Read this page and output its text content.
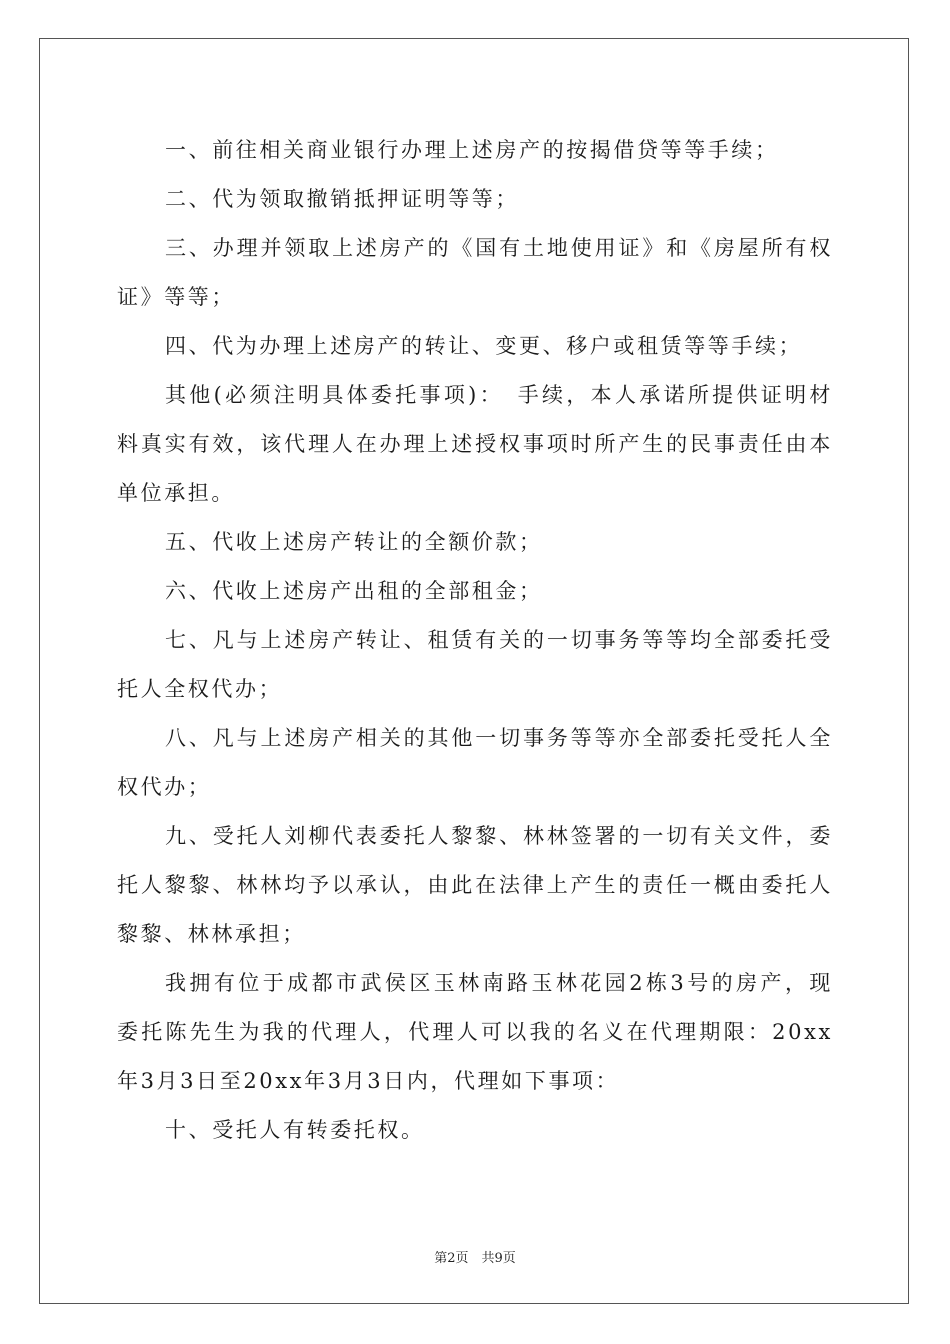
一、前往相关商业银行办理上述房产的按揭借贷等等手续；

二、代为领取撤销抵押证明等等；

三、办理并领取上述房产的《国有土地使用证》和《房屋所有权证》等等；

四、代为办理上述房产的转让、变更、移户或租赁等等手续；

其他(必须注明具体委托事项)：　手续，本人承诺所提供证明材料真实有效，该代理人在办理上述授权事项时所产生的民事责任由本单位承担。

五、代收上述房产转让的全额价款；

六、代收上述房产出租的全部租金；

七、凡与上述房产转让、租赁有关的一切事务等等均全部委托受托人全权代办；

八、凡与上述房产相关的其他一切事务等等亦全部委托受托人全权代办；

九、受托人刘柳代表委托人黎黎、林林签署的一切有关文件，委托人黎黎、林林均予以承认，由此在法律上产生的责任一概由委托人黎黎、林林承担；

我拥有位于成都市武侯区玉林南路玉林花园2栋3号的房产，现委托陈先生为我的代理人，代理人可以我的名义在代理期限：20xx年3月3日至20xx年3月3日内，代理如下事项：

十、受托人有转委托权。

第2页　共9页
